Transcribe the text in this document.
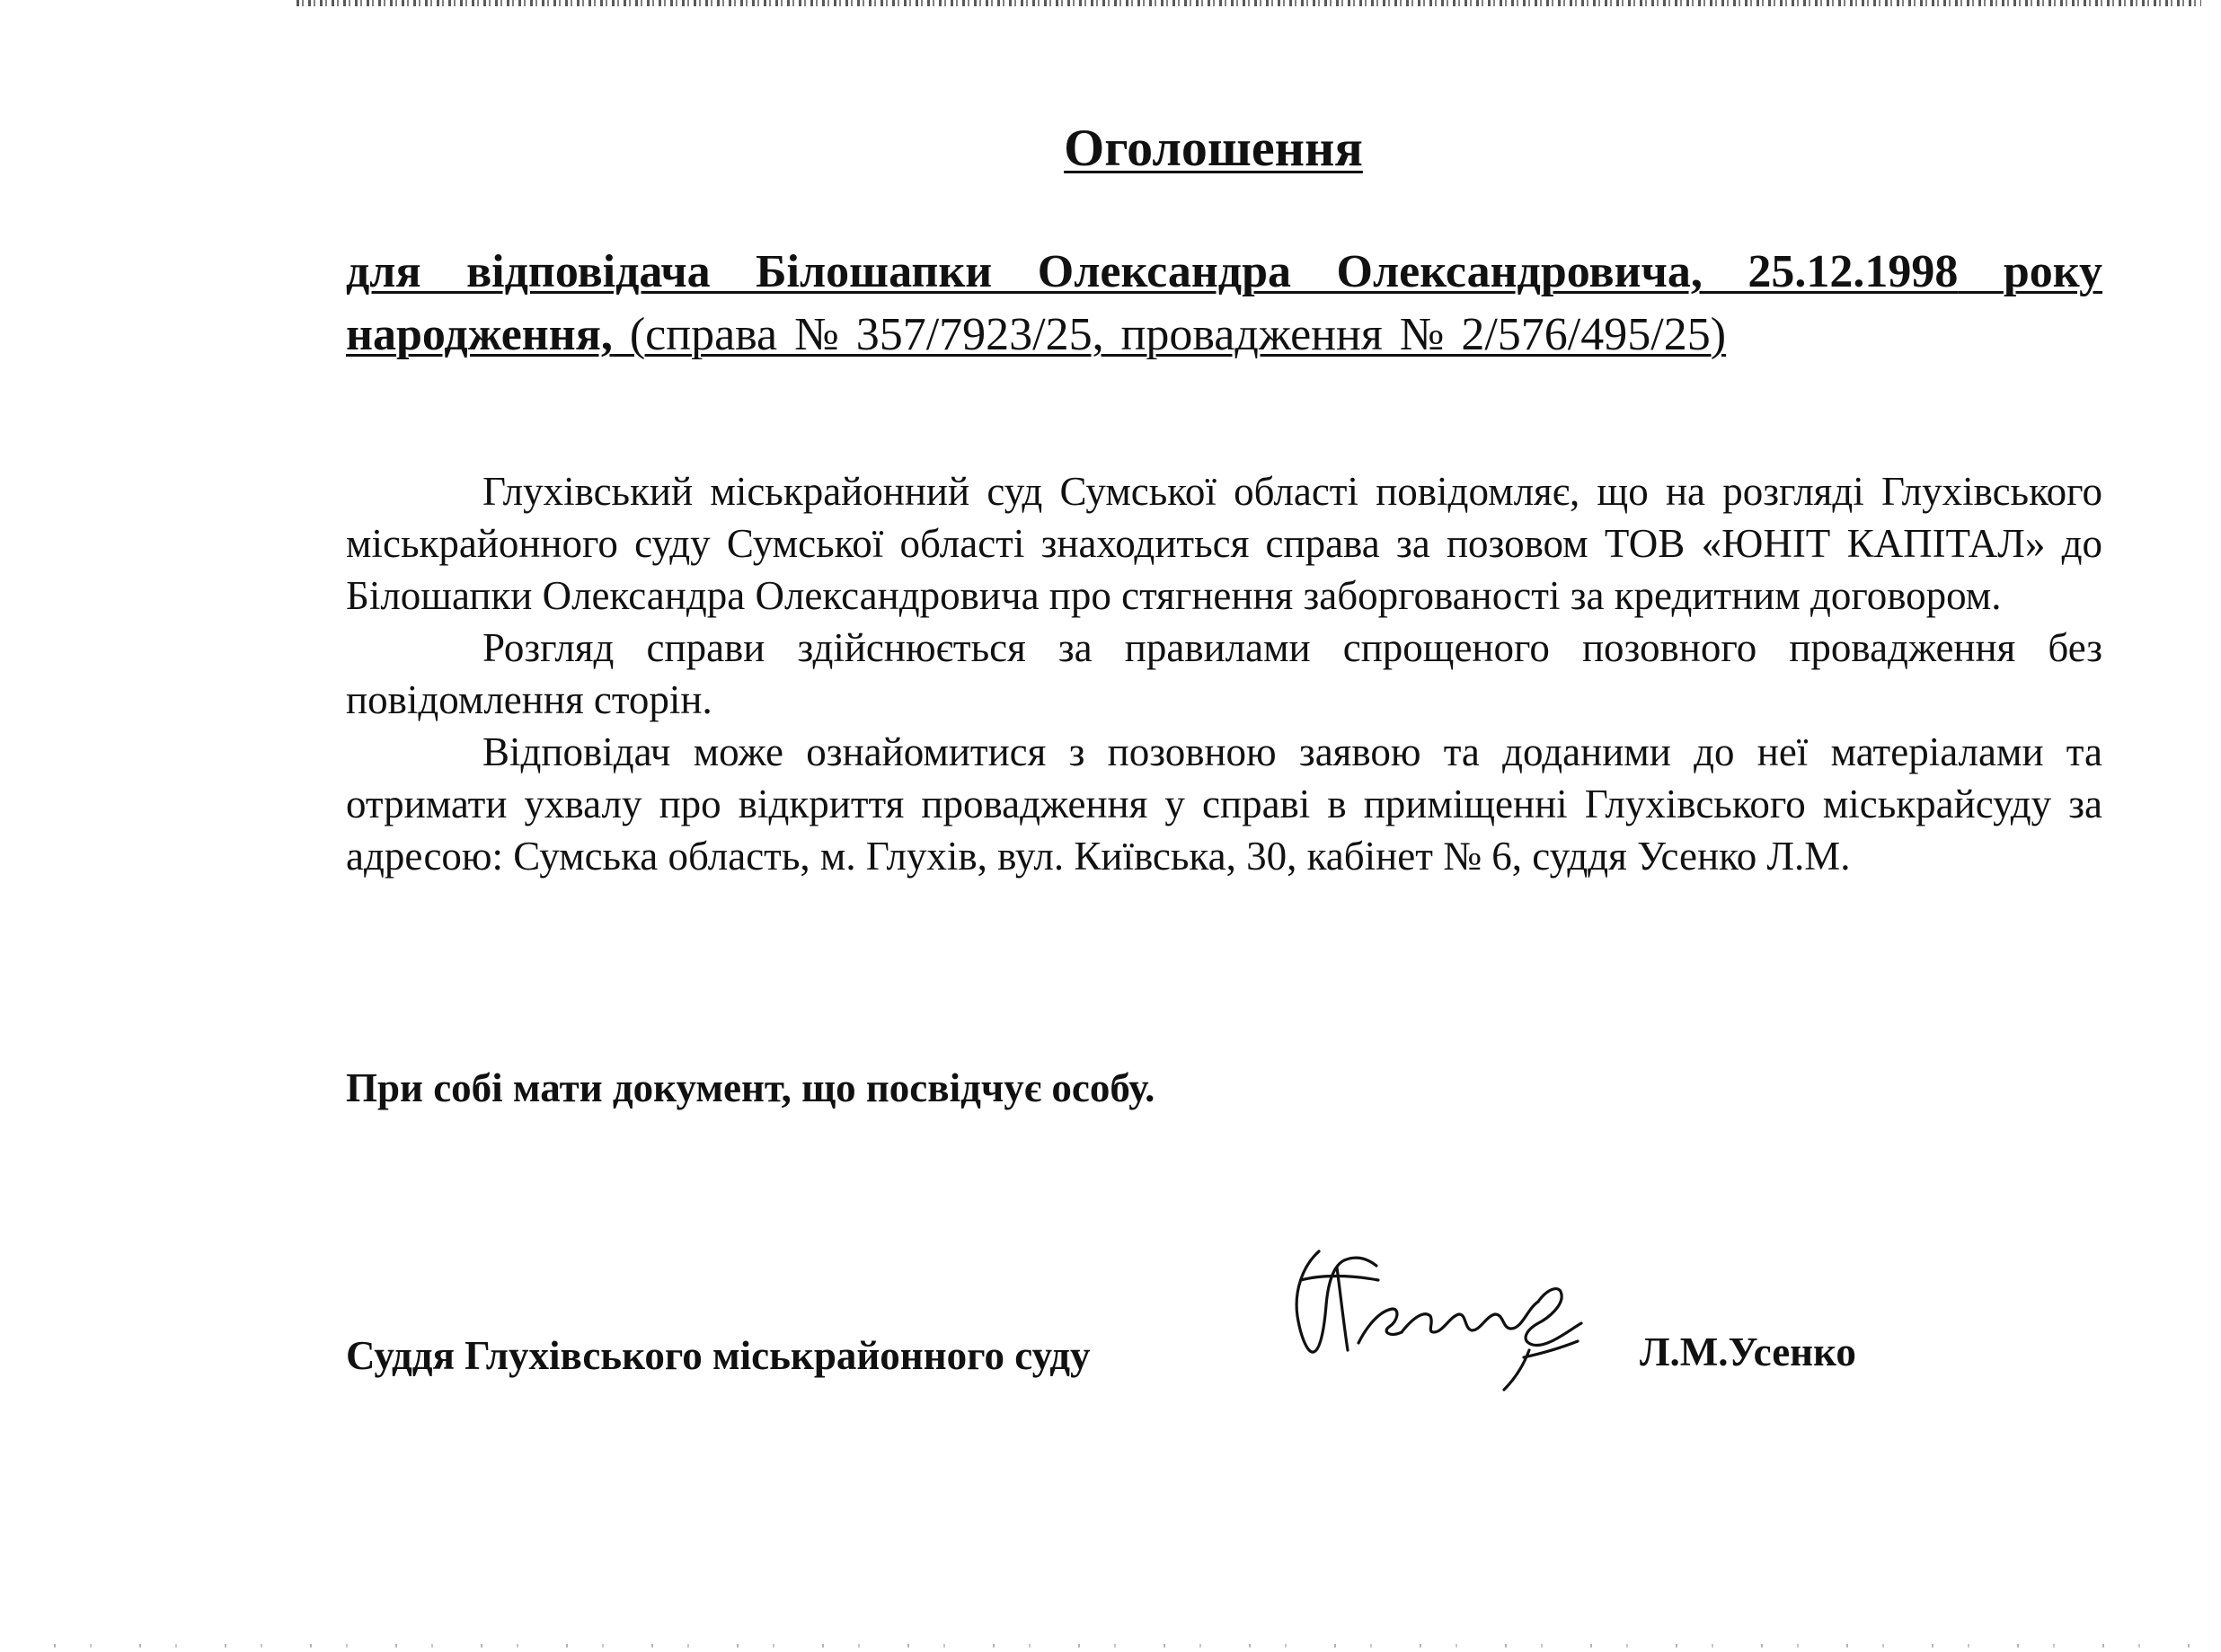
Оголошення
для відповідача Білошапки Олександра Олександровича, 25.12.1998 року народження, (справа № 357/7923/25, провадження № 2/576/495/25)

Глухівський міськрайонний суд Сумської області повідомляє, що на розгляді Глухівського міськрайонного суду Сумської області знаходиться справа за позовом ТОВ «ЮНІТ КАПІТАЛ» до Білошапки Олександра Олександровича про стягнення заборгованості за кредитним договором.

Розгляд справи здійснюється за правилами спрощеного позовного провадження без повідомлення сторін.

Відповідач може ознайомитися з позовною заявою та доданими до неї матеріалами та отримати ухвалу про відкриття провадження у справі в приміщенні Глухівського міськрайсуду за адресою: Сумська область, м. Глухів, вул. Київська, 30, кабінет № 6, суддя Усенко Л.М.

При собі мати документ, що посвідчує особу.
Суддя Глухівського міськрайонного суду	Л.М.Усенко
